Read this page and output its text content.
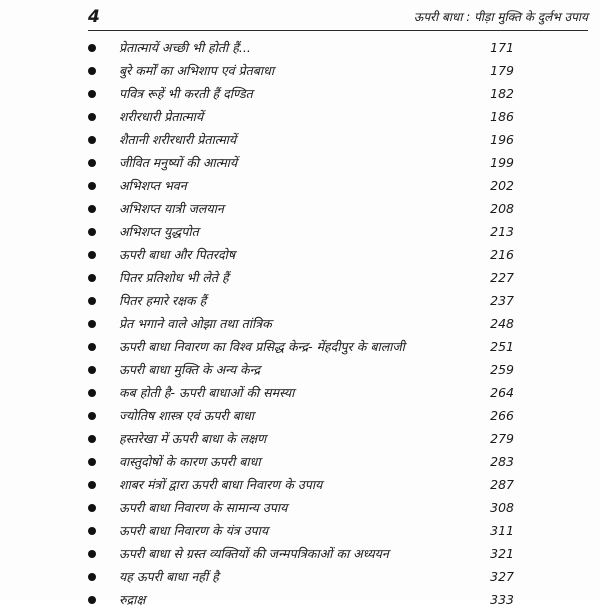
4	ऊपरी बाधा : पीड़ा मुक्ति के दुर्लभ उपाय
प्रेतात्मायें अच्छी भी होती हैं...	171
बुरे कर्मों का अभिशाप एवं प्रेतबाधा	179
पवित्र रूहें भी करती हैं दण्डित	182
शरीरधारी प्रेतात्मायें	186
शैतानी शरीरधारी प्रेतात्मायें	196
जीवित मनुष्यों की आत्मायें	199
अभिशप्त भवन	202
अभिशप्त यात्री जलयान	208
अभिशप्त युद्धपोत	213
ऊपरी बाधा और पितरदोष	216
पितर प्रतिशोध भी लेते हैं	227
पितर हमारे रक्षक हैं	237
प्रेत भगाने वाले ओझा तथा तांत्रिक	248
ऊपरी बाधा निवारण का विश्व प्रसिद्ध केन्द्र- मेंहदीपुर के बालाजी	251
ऊपरी बाधा मुक्ति के अन्य केन्द्र	259
कब होती है- ऊपरी बाधाओं की समस्या	264
ज्योतिष शास्त्र एवं ऊपरी बाधा	266
हस्तरेखा में ऊपरी बाधा के लक्षण	279
वास्तुदोषों के कारण ऊपरी बाधा	283
शाबर मंत्रों द्वारा ऊपरी बाधा निवारण के उपाय	287
ऊपरी बाधा निवारण के सामान्य उपाय	308
ऊपरी बाधा निवारण के यंत्र उपाय	311
ऊपरी बाधा से ग्रस्त व्यक्तियों की जन्मपत्रिकाओं का अध्ययन	321
यह ऊपरी बाधा नहीं है	327
रुद्राक्ष	333
